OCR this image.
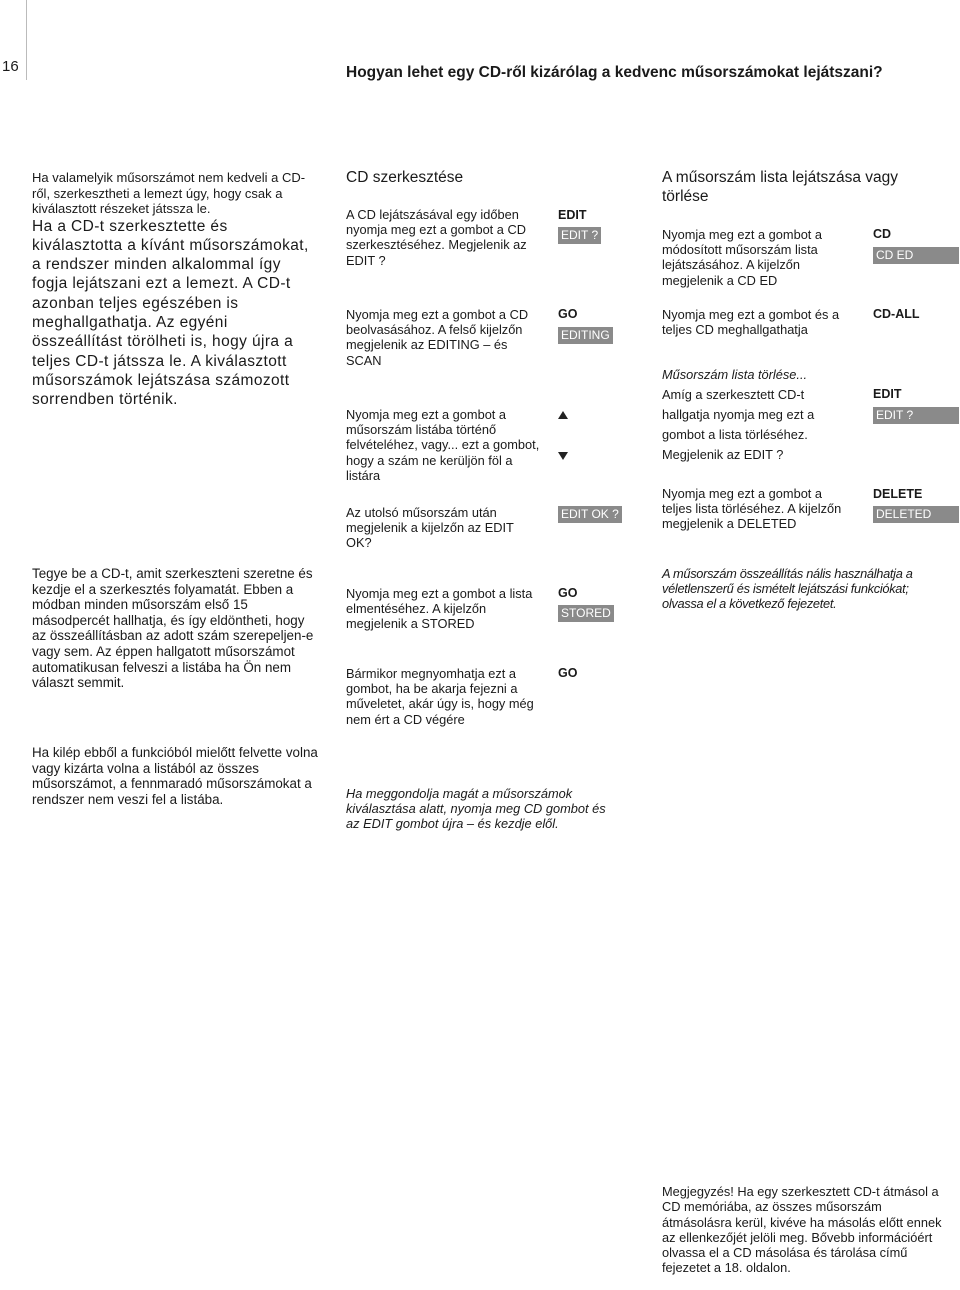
16	Hogyan lehet egy CD-ről kizárólag a kedvenc műsorszámokat lejátszani?

Ha valamelyik műsorszámot nem kedveli a CD-ről, szerkesztheti a lemezt úgy, hogy csak a kiválasztott részeket játssza le.

Ha a CD-t szerkesztette és kiválasztotta a kívánt műsorszámokat, a rendszer minden alkalommal így fogja lejátszani ezt a lemezt. A CD-t azonban teljes egészében is meghallgathatja. Az egyéni összeállítást törölheti is, hogy újra a teljes CD-t játssza le. A kiválasztott műsorszámok lejátszása számozott sorrendben történik.

Tegye be a CD-t, amit szerkeszteni szeretne és kezdje el a szerkesztés folyamatát. Ebben a módban minden műsorszám első 15 másodpercét hallhatja, és így eldöntheti, hogy az összeállításban az adott szám szerepeljen-e vagy sem. Az éppen hallgatott műsorszámot automatikusan felveszi a listába ha Ön nem választ semmit.
Ha kilép ebből a funkcióból mielőtt felvette volna vagy kizárta volna a listából az összes műsorszámot, a fennmaradó műsorszámokat a rendszer nem veszi fel a listába.
CD szerkesztése
A CD lejátszásával egy időben nyomja meg ezt a gombot a CD szerkesztéséhez. Megjelenik az EDIT ?
EDIT
EDIT ?
Nyomja meg ezt a gombot a CD beolvasásához. A felső kijelzőn megjelenik az EDITING – és SCAN
GO
EDITING
Nyomja meg ezt a gombot a műsorszám listába történő felvételéhez, vagy... ezt a gombot, hogy a szám ne kerüljön föl a listára
Az utolsó műsorszám után megjelenik a kijelzőn az EDIT OK?
EDIT OK ?
Nyomja meg ezt a gombot a lista elmentéséhez. A kijelzőn megjelenik a STORED
GO
STORED
Bármikor megnyomhatja ezt a gombot, ha be akarja fejezni a műveletet, akár úgy is, hogy még nem ért a CD végére
GO
Ha meggondolja magát a műsorszámok kiválasztása alatt, nyomja meg CD gombot és az EDIT gombot újra – és kezdje elől.
A műsorszám lista lejátszása vagy törlése
Nyomja meg ezt a gombot a módosított műsorszám lista lejátszásához. A kijelzőn megjelenik a CD ED
CD
CD ED
Nyomja meg ezt a gombot és a teljes CD meghallgathatja
CD-ALL
Műsorszám lista törlése...
Amíg a szerkesztett CD-t hallgatja nyomja meg ezt a gombot a lista törléséhez. Megjelenik az EDIT ?
EDIT
EDIT ?
Nyomja meg ezt a gombot a teljes lista törléséhez. A kijelzőn megjelenik a DELETED
DELETE
DELETED
A műsorszám összeállítás nális használhatja a véletlenszerű és ismételt lejátszási funkciókat; olvassa el a következő fejezetet.
Megjegyzés! Ha egy szerkesztett CD-t átmásol a CD memóriába, az összes műsorszám átmásolásra kerül, kivéve ha másolás előtt ennek az ellenkezőjét jelöli meg. Bővebb információért olvassa el a CD másolása és tárolása című fejezetet a 18. oldalon.
